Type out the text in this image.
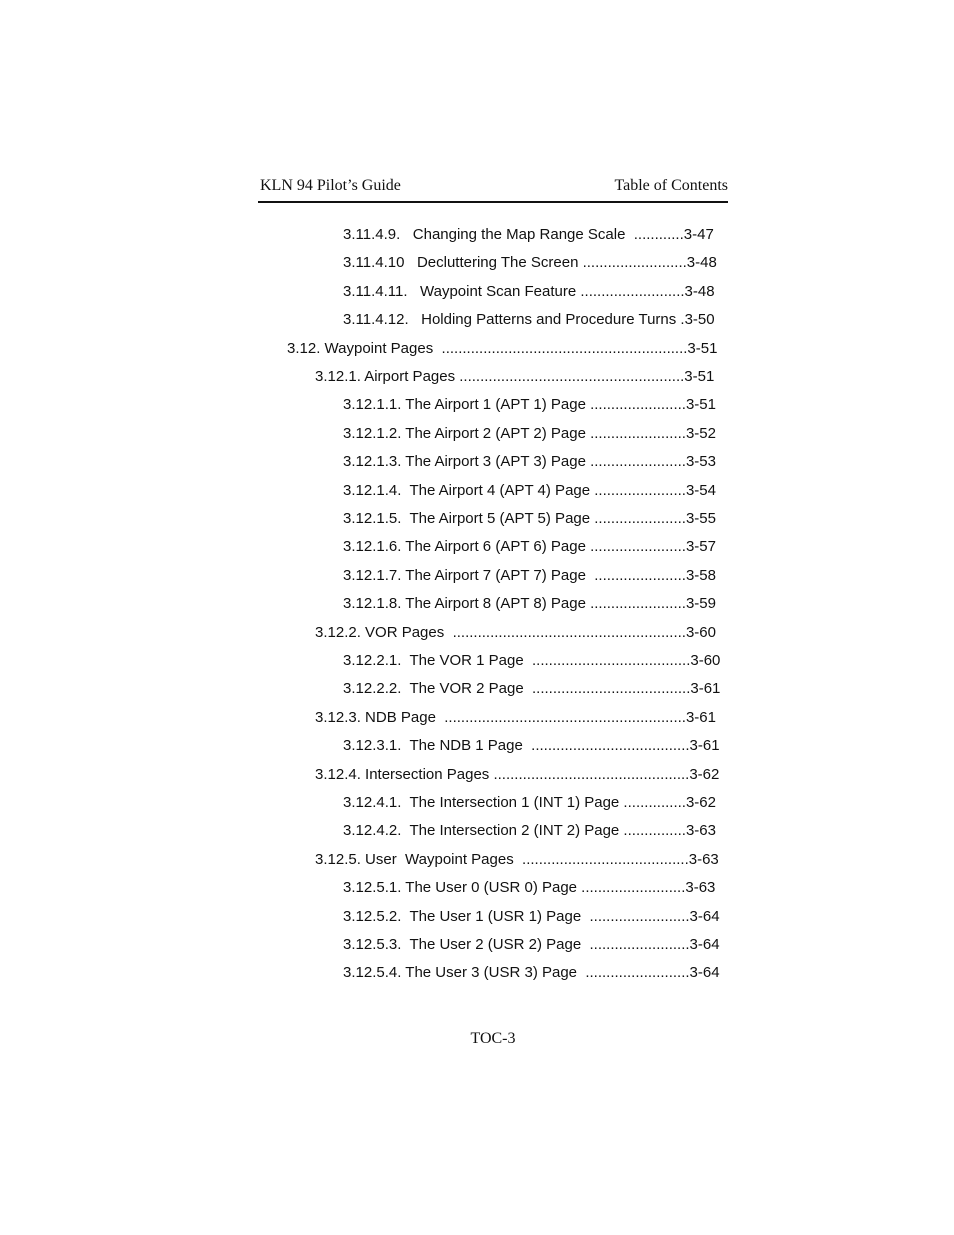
KLN 94 Pilot’s Guide	Table of Contents
3.11.4.9.   Changing the Map Range Scale  ............3-47
3.11.4.10   Decluttering The Screen .........................3-48
3.11.4.11.   Waypoint Scan Feature .........................3-48
3.11.4.12.   Holding Patterns and Procedure Turns .3-50
3.12. Waypoint Pages  ...........................................................3-51
3.12.1. Airport Pages ......................................................3-51
3.12.1.1. The Airport 1 (APT 1) Page .......................3-51
3.12.1.2. The Airport 2 (APT 2) Page .......................3-52
3.12.1.3. The Airport 3 (APT 3) Page .......................3-53
3.12.1.4.  The Airport 4 (APT 4) Page ......................3-54
3.12.1.5.  The Airport 5 (APT 5) Page ......................3-55
3.12.1.6. The Airport 6 (APT 6) Page .......................3-57
3.12.1.7. The Airport 7 (APT 7) Page  ......................3-58
3.12.1.8. The Airport 8 (APT 8) Page .......................3-59
3.12.2. VOR Pages  ........................................................3-60
3.12.2.1.  The VOR 1 Page  ......................................3-60
3.12.2.2.  The VOR 2 Page  ......................................3-61
3.12.3. NDB Page  ..........................................................3-61
3.12.3.1.  The NDB 1 Page  ......................................3-61
3.12.4. Intersection Pages ...............................................3-62
3.12.4.1.  The Intersection 1 (INT 1) Page ...............3-62
3.12.4.2.  The Intersection 2 (INT 2) Page ...............3-63
3.12.5. User  Waypoint Pages  ........................................3-63
3.12.5.1. The User 0 (USR 0) Page .........................3-63
3.12.5.2.  The User 1 (USR 1) Page  ........................3-64
3.12.5.3.  The User 2 (USR 2) Page  ........................3-64
3.12.5.4. The User 3 (USR 3) Page  .........................3-64
TOC-3
